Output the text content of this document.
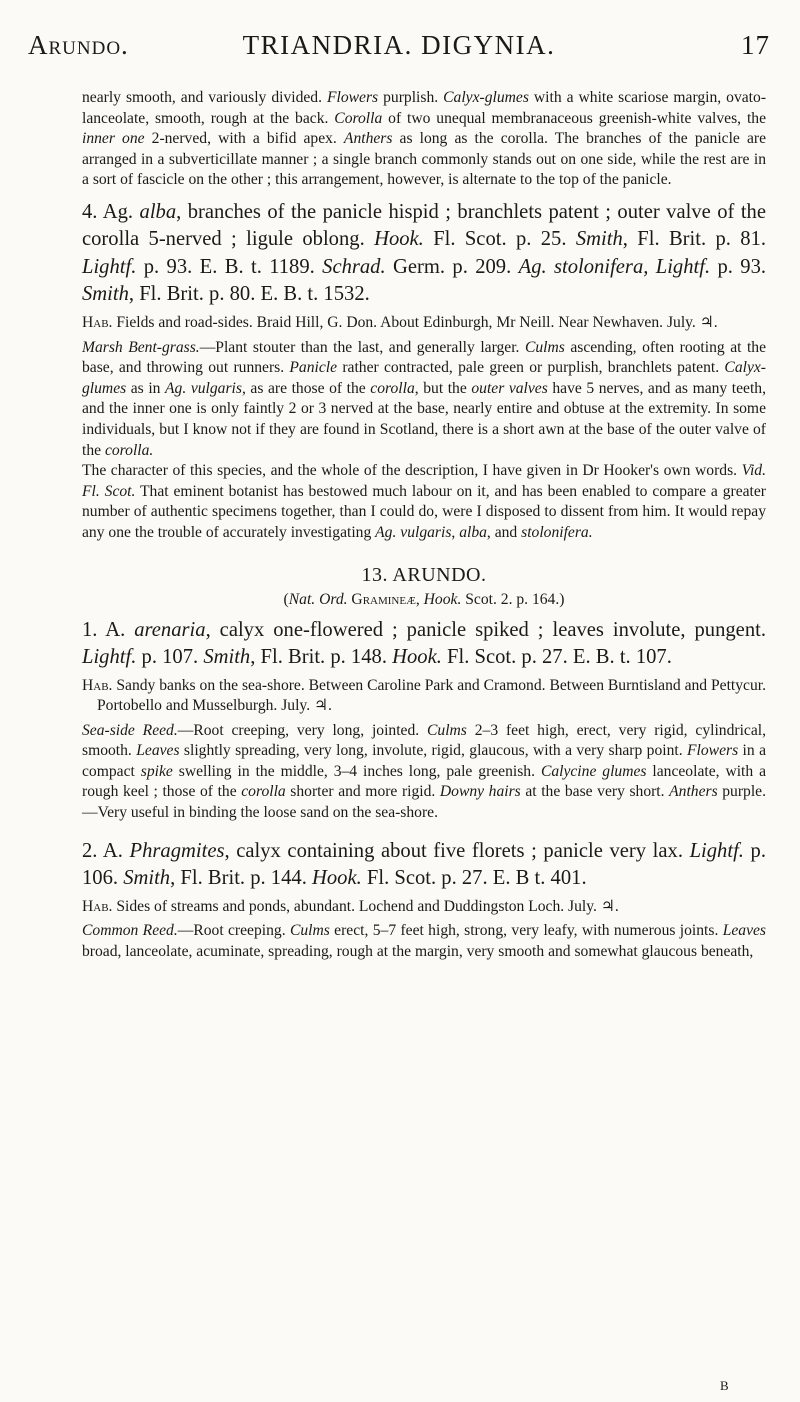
Arundo.	TRIANDRIA. DIGYNIA.	17

nearly smooth, and variously divided. Flowers purplish. Calyx-glumes with a white scariose margin, ovato-lanceolate, smooth, rough at the back. Corolla of two unequal membranaceous greenish-white valves, the inner one 2-nerved, with a bifid apex. Anthers as long as the corolla. The branches of the panicle are arranged in a subverticillate manner ; a single branch commonly stands out on one side, while the rest are in a sort of fascicle on the other ; this arrangement, however, is alternate to the top of the panicle.

4. Ag. alba, branches of the panicle hispid ; branchlets patent ; outer valve of the corolla 5-nerved ; ligule oblong. Hook. Fl. Scot. p. 25. Smith, Fl. Brit. p. 81. Lightf. p. 93. E. B. t. 1189. Schrad. Germ. p. 209. Ag. stolonifera, Lightf. p. 93. Smith, Fl. Brit. p. 80. E. B. t. 1532.

Hab. Fields and road-sides. Braid Hill, G. Don. About Edinburgh, Mr Neill. Near Newhaven. July. ♃.

Marsh Bent-grass.—Plant stouter than the last, and generally larger. Culms ascending, often rooting at the base, and throwing out runners. Panicle rather contracted, pale green or purplish, branchlets patent. Calyx-glumes as in Ag. vulgaris, as are those of the corolla, but the outer valves have 5 nerves, and as many teeth, and the inner one is only faintly 2 or 3 nerved at the base, nearly entire and obtuse at the extremity. In some individuals, but I know not if they are found in Scotland, there is a short awn at the base of the outer valve of the corolla.

The character of this species, and the whole of the description, I have given in Dr Hooker's own words. Vid. Fl. Scot. That eminent botanist has bestowed much labour on it, and has been enabled to compare a greater number of authentic specimens together, than I could do, were I disposed to dissent from him. It would repay any one the trouble of accurately investigating Ag. vulgaris, alba, and stolonifera.

13. ARUNDO.
(Nat. Ord. Gramineæ, Hook. Scot. 2. p. 164.)

1. A. arenaria, calyx one-flowered ; panicle spiked ; leaves involute, pungent. Lightf. p. 107. Smith, Fl. Brit. p. 148. Hook. Fl. Scot. p. 27. E. B. t. 107.

Hab. Sandy banks on the sea-shore. Between Caroline Park and Cramond. Between Burntisland and Pettycur. Portobello and Musselburgh. July. ♃.

Sea-side Reed.—Root creeping, very long, jointed. Culms 2–3 feet high, erect, very rigid, cylindrical, smooth. Leaves slightly spreading, very long, involute, rigid, glaucous, with a very sharp point. Flowers in a compact spike swelling in the middle, 3–4 inches long, pale greenish. Calycine glumes lanceolate, with a rough keel ; those of the corolla shorter and more rigid. Downy hairs at the base very short. Anthers purple.—Very useful in binding the loose sand on the sea-shore.

2. A. Phragmites, calyx containing about five florets ; panicle very lax. Lightf. p. 106. Smith, Fl. Brit. p. 144. Hook. Fl. Scot. p. 27. E. B t. 401.

Hab. Sides of streams and ponds, abundant. Lochend and Duddingston Loch. July. ♃.

Common Reed.—Root creeping. Culms erect, 5–7 feet high, strong, very leafy, with numerous joints. Leaves broad, lanceolate, acuminate, spreading, rough at the margin, very smooth and somewhat glaucous beneath,

B
